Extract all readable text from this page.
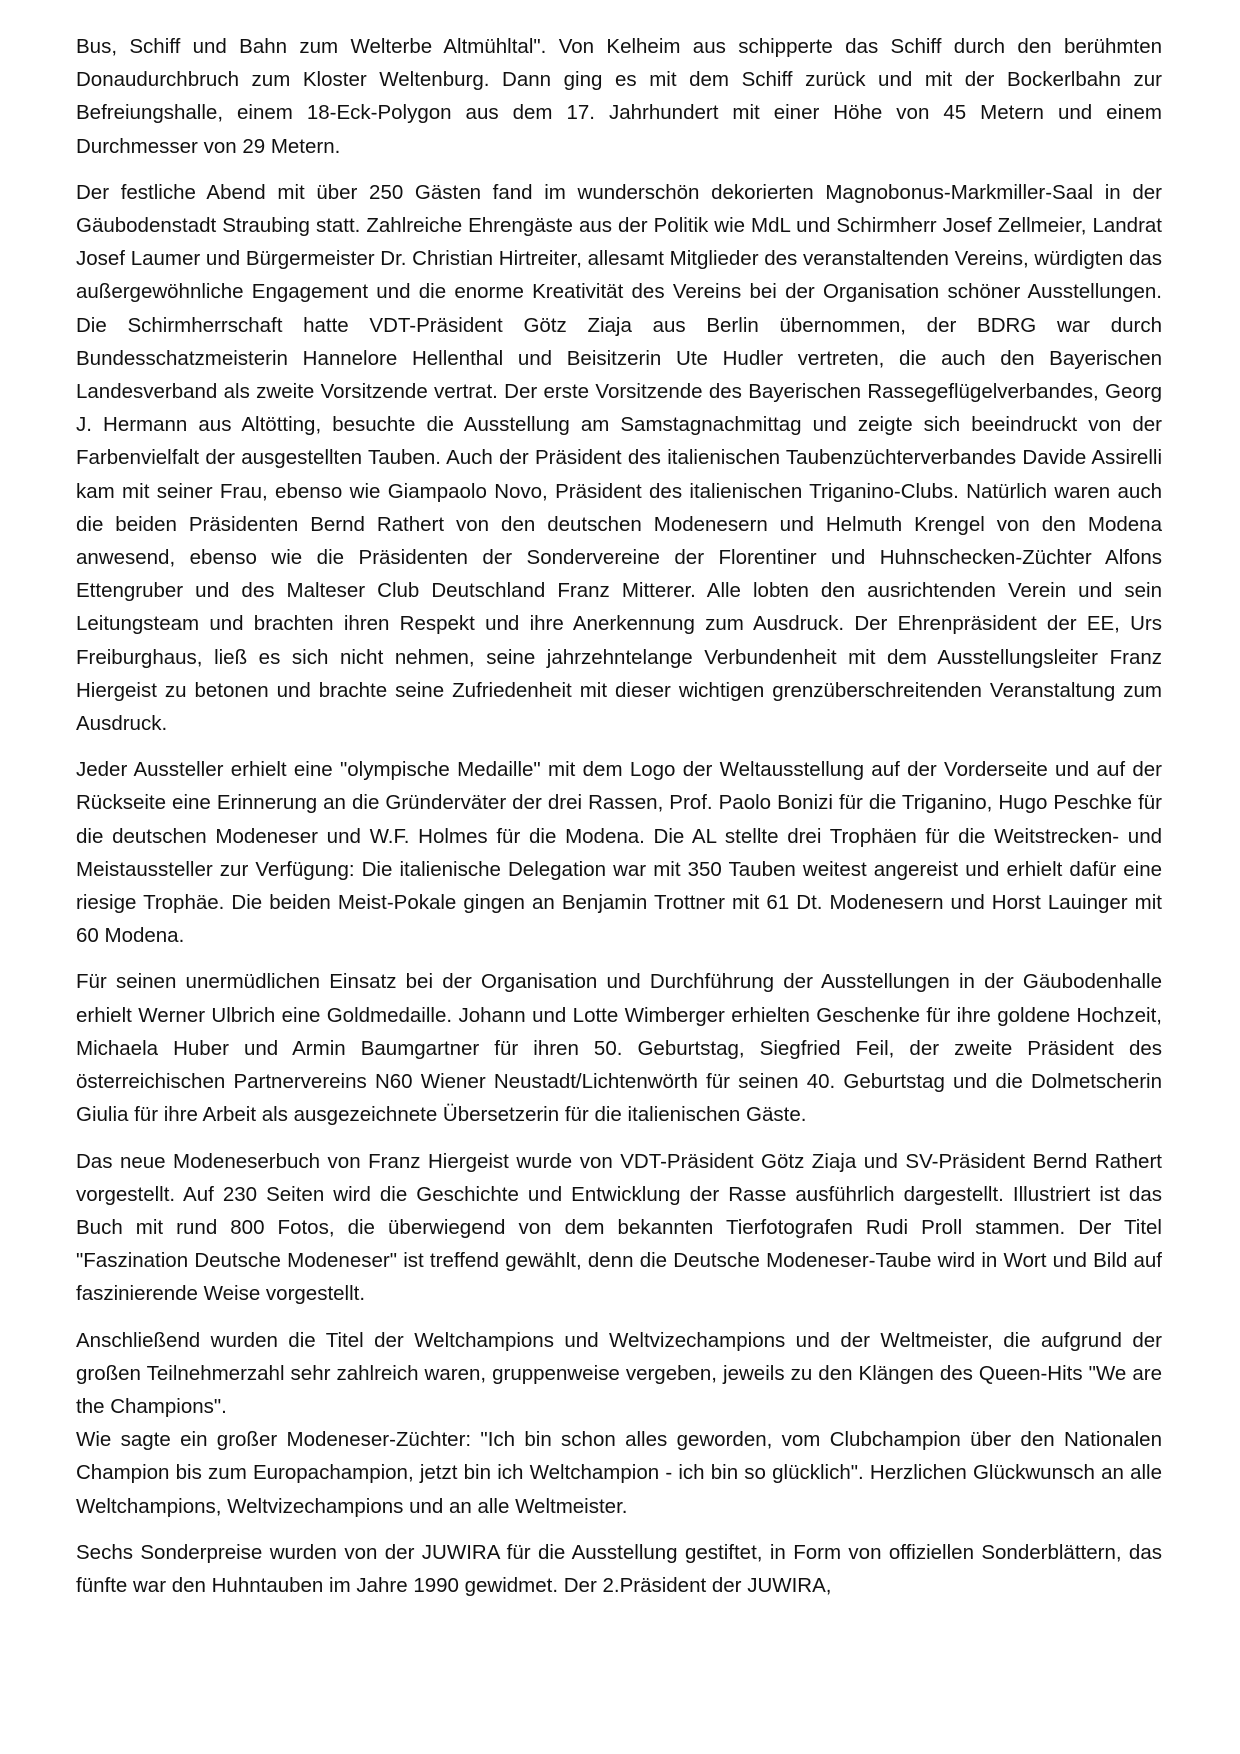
Bus, Schiff und Bahn zum Welterbe Altmühltal". Von Kelheim aus schipperte das Schiff durch den berühmten Donaudurchbruch zum Kloster Weltenburg. Dann ging es mit dem Schiff zurück und mit der Bockerlbahn zur Befreiungshalle, einem 18-Eck-Polygon aus dem 17. Jahrhundert mit einer Höhe von 45 Metern und einem Durchmesser von 29 Metern.

Der festliche Abend mit über 250 Gästen fand im wunderschön dekorierten Magnobonus-Markmiller-Saal in der Gäubodenstadt Straubing statt. Zahlreiche Ehrengäste aus der Politik wie MdL und Schirmherr Josef Zellmeier, Landrat Josef Laumer und Bürgermeister Dr. Christian Hirtreiter, allesamt Mitglieder des veranstaltenden Vereins, würdigten das außergewöhnliche Engagement und die enorme Kreativität des Vereins bei der Organisation schöner Ausstellungen. Die Schirmherrschaft hatte VDT-Präsident Götz Ziaja aus Berlin übernommen, der BDRG war durch Bundesschatzmeisterin Hannelore Hellenthal und Beisitzerin Ute Hudler vertreten, die auch den Bayerischen Landesverband als zweite Vorsitzende vertrat. Der erste Vorsitzende des Bayerischen Rassegeflügelverbandes, Georg J. Hermann aus Altötting, besuchte die Ausstellung am Samstagnachmittag und zeigte sich beeindruckt von der Farbenvielfalt der ausgestellten Tauben. Auch der Präsident des italienischen Taubenzüchterverbandes Davide Assirelli kam mit seiner Frau, ebenso wie Giampaolo Novo, Präsident des italienischen Triganino-Clubs. Natürlich waren auch die beiden Präsidenten Bernd Rathert von den deutschen Modenesern und Helmuth Krengel von den Modena anwesend, ebenso wie die Präsidenten der Sondervereine der Florentiner und Huhnschecken-Züchter Alfons Ettengruber und des Malteser Club Deutschland Franz Mitterer. Alle lobten den ausrichtenden Verein und sein Leitungsteam und brachten ihren Respekt und ihre Anerkennung zum Ausdruck. Der Ehrenpräsident der EE, Urs Freiburghaus, ließ es sich nicht nehmen, seine jahrzehntelange Verbundenheit mit dem Ausstellungsleiter Franz Hiergeist zu betonen und brachte seine Zufriedenheit mit dieser wichtigen grenzüberschreitenden Veranstaltung zum Ausdruck.

Jeder Aussteller erhielt eine "olympische Medaille" mit dem Logo der Weltausstellung auf der Vorderseite und auf der Rückseite eine Erinnerung an die Gründerväter der drei Rassen, Prof. Paolo Bonizi für die Triganino, Hugo Peschke für die deutschen Modeneser und W.F. Holmes für die Modena. Die AL stellte drei Trophäen für die Weitstrecken- und Meistaussteller zur Verfügung: Die italienische Delegation war mit 350 Tauben weitest angereist und erhielt dafür eine riesige Trophäe. Die beiden Meist-Pokale gingen an Benjamin Trottner mit 61 Dt. Modenesern und Horst Lauinger mit 60 Modena.

Für seinen unermüdlichen Einsatz bei der Organisation und Durchführung der Ausstellungen in der Gäubodenhalle erhielt Werner Ulbrich eine Goldmedaille. Johann und Lotte Wimberger erhielten Geschenke für ihre goldene Hochzeit, Michaela Huber und Armin Baumgartner für ihren 50. Geburtstag, Siegfried Feil, der zweite Präsident des österreichischen Partnervereins N60 Wiener Neustadt/Lichtenwörth für seinen 40. Geburtstag und die Dolmetscherin Giulia für ihre Arbeit als ausgezeichnete Übersetzerin für die italienischen Gäste.

Das neue Modeneserbuch von Franz Hiergeist wurde von VDT-Präsident Götz Ziaja und SV-Präsident Bernd Rathert vorgestellt. Auf 230 Seiten wird die Geschichte und Entwicklung der Rasse ausführlich dargestellt. Illustriert ist das Buch mit rund 800 Fotos, die überwiegend von dem bekannten Tierfotografen Rudi Proll stammen. Der Titel "Faszination Deutsche Modeneser" ist treffend gewählt, denn die Deutsche Modeneser-Taube wird in Wort und Bild auf faszinierende Weise vorgestellt.

Anschließend wurden die Titel der Weltchampions und Weltvizechampions und der Weltmeister, die aufgrund der großen Teilnehmerzahl sehr zahlreich waren, gruppenweise vergeben, jeweils zu den Klängen des Queen-Hits "We are the Champions".

Wie sagte ein großer Modeneser-Züchter: "Ich bin schon alles geworden, vom Clubchampion über den Nationalen Champion bis zum Europachampion, jetzt bin ich Weltchampion - ich bin so glücklich". Herzlichen Glückwunsch an alle Weltchampions, Weltvizechampions und an alle Weltmeister.

Sechs Sonderpreise wurden von der JUWIRA für die Ausstellung gestiftet, in Form von offiziellen Sonderblättern, das fünfte war den Huhntauben im Jahre 1990 gewidmet. Der 2.Präsident der JUWIRA,
